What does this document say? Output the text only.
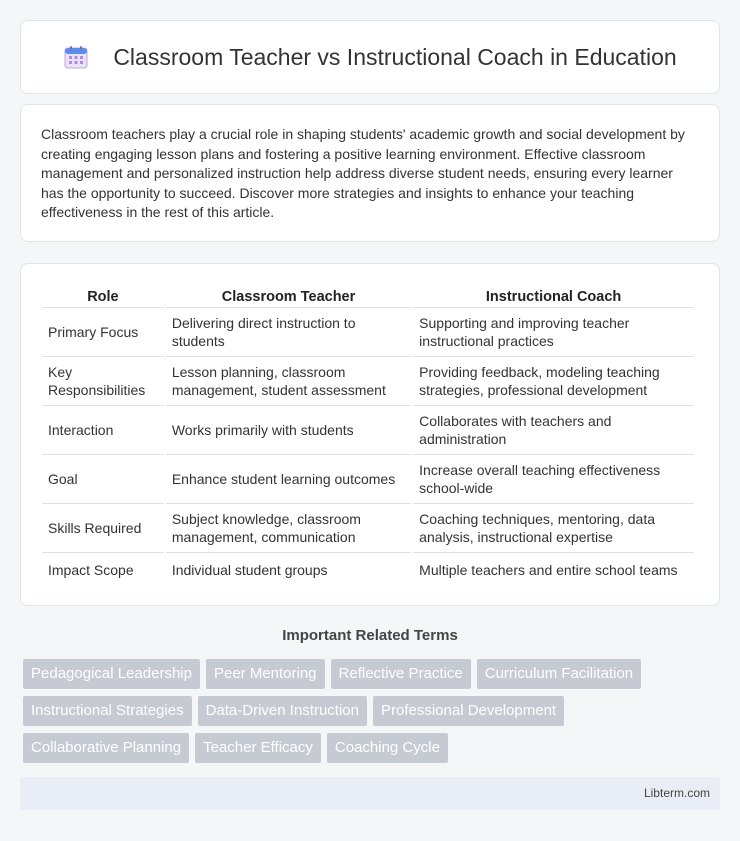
Classroom Teacher vs Instructional Coach in Education

Classroom teachers play a crucial role in shaping students' academic growth and social development by creating engaging lesson plans and fostering a positive learning environment. Effective classroom management and personalized instruction help address diverse student needs, ensuring every learner has the opportunity to succeed. Discover more strategies and insights to enhance your teaching effectiveness in the rest of this article.

Role	Classroom Teacher	Instructional Coach
Primary Focus	Delivering direct instruction to students	Supporting and improving teacher instructional practices
Key Responsibilities	Lesson planning, classroom management, student assessment	Providing feedback, modeling teaching strategies, professional development
Interaction	Works primarily with students	Collaborates with teachers and administration
Goal	Enhance student learning outcomes	Increase overall teaching effectiveness school-wide
Skills Required	Subject knowledge, classroom management, communication	Coaching techniques, mentoring, data analysis, instructional expertise
Impact Scope	Individual student groups	Multiple teachers and entire school teams
Important Related Terms
Pedagogical Leadership	Peer Mentoring	Reflective Practice	Curriculum Facilitation
Instructional Strategies	Data-Driven Instruction	Professional Development
Collaborative Planning	Teacher Efficacy	Coaching Cycle
Libterm.com
